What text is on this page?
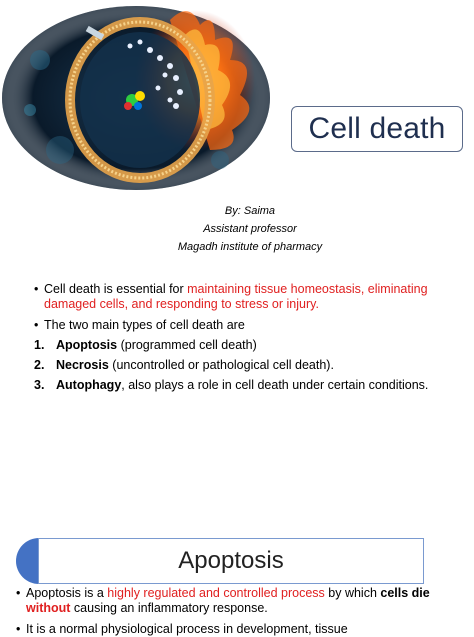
Cell death
By: Saima
Assistant professor
Magadh institute of pharmacy
• Cell death is essential for maintaining tissue homeostasis, eliminating damaged cells, and responding to stress or injury.
• The two main types of cell death are
1. Apoptosis (programmed cell death)
2. Necrosis (uncontrolled or pathological cell death).
3. Autophagy, also plays a role in cell death under certain conditions.
Apoptosis
• Apoptosis is a highly regulated and controlled process by which cells die without causing an inflammatory response.
• It is a normal physiological process in development, tissue
